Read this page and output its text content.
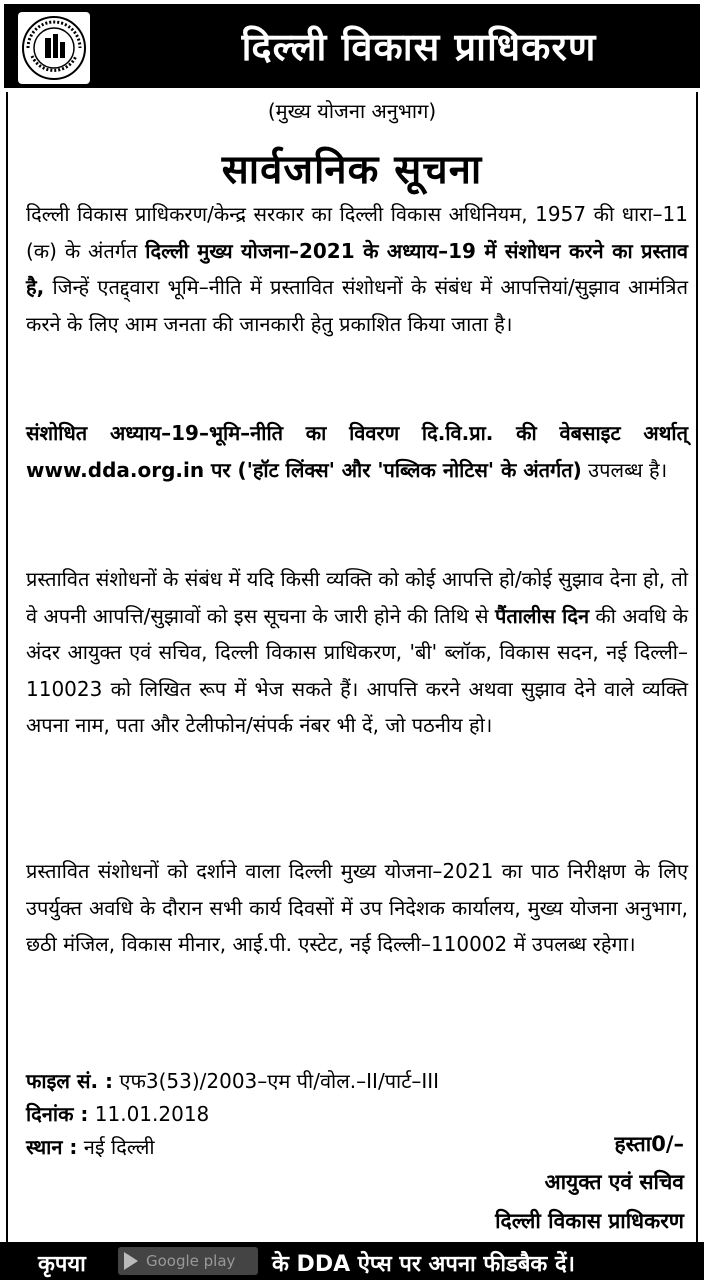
दिल्ली विकास प्राधिकरण
(मुख्य योजना अनुभाग)
सार्वजनिक सूचना
दिल्ली विकास प्राधिकरण/केन्द्र सरकार का दिल्ली विकास अधिनियम, 1957 की धारा–11 (क) के अंतर्गत दिल्ली मुख्य योजना–2021 के अध्याय–19 में संशोधन करने का प्रस्ताव है, जिन्हें एतद्द्वारा भूमि–नीति में प्रस्तावित संशोधनों के संबंध में आपत्तियां/सुझाव आमंत्रित करने के लिए आम जनता की जानकारी हेतु प्रकाशित किया जाता है।
संशोधित अध्याय–19–भूमि–नीति का विवरण दि.वि.प्रा. की वेबसाइट अर्थात् www.dda.org.in पर ('हॉट लिंक्स' और 'पब्लिक नोटिस' के अंतर्गत) उपलब्ध है।
प्रस्तावित संशोधनों के संबंध में यदि किसी व्यक्ति को कोई आपत्ति हो/कोई सुझाव देना हो, तो वे अपनी आपत्ति/सुझावों को इस सूचना के जारी होने की तिथि से पैंतालीस दिन की अवधि के अंदर आयुक्त एवं सचिव, दिल्ली विकास प्राधिकरण, 'बी' ब्लॉक, विकास सदन, नई दिल्ली–110023 को लिखित रूप में भेज सकते हैं। आपत्ति करने अथवा सुझाव देने वाले व्यक्ति अपना नाम, पता और टेलीफोन/संपर्क नंबर भी दें, जो पठनीय हो।
प्रस्तावित संशोधनों को दर्शाने वाला दिल्ली मुख्य योजना–2021 का पाठ निरीक्षण के लिए उपर्युक्त अवधि के दौरान सभी कार्य दिवसों में उप निदेशक कार्यालय, मुख्य योजना अनुभाग, छठी मंजिल, विकास मीनार, आई.पी. एस्टेट, नई दिल्ली–110002 में उपलब्ध रहेगा।
फाइल सं. : एफ3(53)/2003–एम पी/वोल.–II/पार्ट–III
दिनांक : 11.01.2018
स्थान : नई दिल्ली	हस्ता0/–
आयुक्त एवं सचिव
दिल्ली विकास प्राधिकरण
कृपया	Google play के DDA ऐप्स पर अपना फीडबैक दें।
